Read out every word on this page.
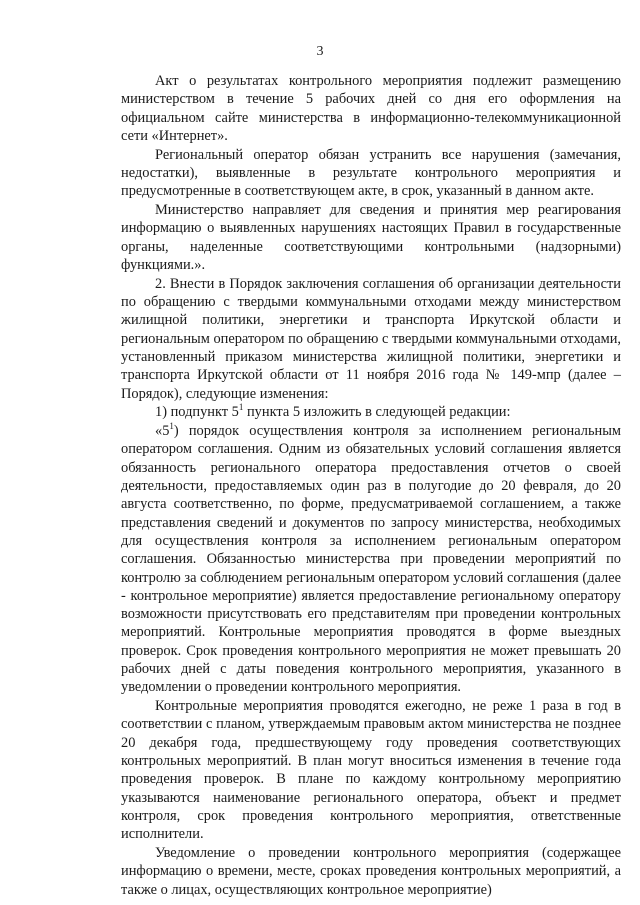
3

Акт о результатах контрольного мероприятия подлежит размещению министерством в течение 5 рабочих дней со дня его оформления на официальном сайте министерства в информационно-телекоммуникационной сети «Интернет».

Региональный оператор обязан устранить все нарушения (замечания, недостатки), выявленные в результате контрольного мероприятия и предусмотренные в соответствующем акте, в срок, указанный в данном акте.

Министерство направляет для сведения и принятия мер реагирования информацию о выявленных нарушениях настоящих Правил в государственные органы, наделенные соответствующими контрольными (надзорными) функциями.».

2. Внести в Порядок заключения соглашения об организации деятельности по обращению с твердыми коммунальными отходами между министерством жилищной политики, энергетики и транспорта Иркутской области и региональным оператором по обращению с твердыми коммунальными отходами, установленный приказом министерства жилищной политики, энергетики и транспорта Иркутской области от 11 ноября 2016 года № 149-мпр (далее – Порядок), следующие изменения:

1) подпункт $5^1$ пункта 5 изложить в следующей редакции:

«$5^1$) порядок осуществления контроля за исполнением региональным оператором соглашения. Одним из обязательных условий соглашения является обязанность регионального оператора предоставления отчетов о своей деятельности, предоставляемых один раз в полугодие до 20 февраля, до 20 августа соответственно, по форме, предусматриваемой соглашением, а также представления сведений и документов по запросу министерства, необходимых для осуществления контроля за исполнением региональным оператором соглашения. Обязанностью министерства при проведении мероприятий по контролю за соблюдением региональным оператором условий соглашения (далее - контрольное мероприятие) является предоставление региональному оператору возможности присутствовать его представителям при проведении контрольных мероприятий. Контрольные мероприятия проводятся в форме выездных проверок. Срок проведения контрольного мероприятия не может превышать 20 рабочих дней с даты поведения контрольного мероприятия, указанного в уведомлении о проведении контрольного мероприятия.

Контрольные мероприятия проводятся ежегодно, не реже 1 раза в год в соответствии с планом, утверждаемым правовым актом министерства не позднее 20 декабря года, предшествующему году проведения соответствующих контрольных мероприятий. В план могут вноситься изменения в течение года проведения проверок. В плане по каждому контрольному мероприятию указываются наименование регионального оператора, объект и предмет контроля, срок проведения контрольного мероприятия, ответственные исполнители.

Уведомление о проведении контрольного мероприятия (содержащее информацию о времени, месте, сроках проведения контрольных мероприятий, а также о лицах, осуществляющих контрольное мероприятие)
